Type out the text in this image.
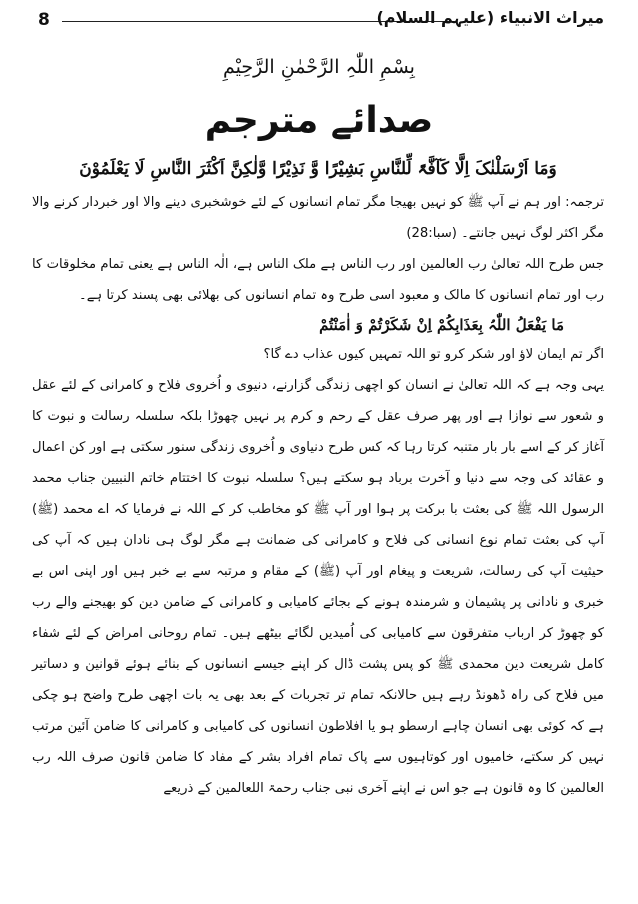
8	میراث الانبیاء (علیہم السلام)
بِسْمِ اللّٰہِ الرَّحْمٰنِ الرَّحِیْمِ
صدائے مترجم
وَمَا اَرْسَلْنٰکَ اِلَّا کَآفَّۃً لِّلنَّاسِ بَشِیْرًا وَّ نَذِیْرًا وَّلٰکِنَّ اَکْثَرَ النَّاسِ لَا یَعْلَمُوْنَ

ترجمہ: اور ہم نے آپ ﷺ کو نہیں بھیجا مگر تمام انسانوں کے لئے خوشخبری دینے والا اور خبردار کرنے والا مگر اکثر لوگ نہیں جانتے۔ (سبا:28)

جس طرح اللہ تعالیٰ رب العالمین اور رب الناس ہے ملک الناس ہے، الٰہ الناس ہے یعنی تمام مخلوقات کا رب اور تمام انسانوں کا مالک و معبود اسی طرح وہ تمام انسانوں کی بھلائی بھی پسند کرتا ہے۔

مَا یَفْعَلُ اللّٰہُ بِعَذَابِکُمْ اِنْ شَکَرْتُمْ وَ اٰمَنْتُمْ

اگر تم ایمان لاؤ اور شکر کرو تو اللہ تمہیں کیوں عذاب دے گا؟

یہی وجہ ہے کہ اللہ تعالیٰ نے انسان کو اچھی زندگی گزارنے، دنیوی و اُخروی فلاح و کامرانی کے لئے عقل و شعور سے نوازا ہے اور پھر صرف عقل کے رحم و کرم پر نہیں چھوڑا بلکہ سلسلہ رسالت و نبوت کا آغاز کر کے اسے بار بار متنبہ کرتا رہا کہ کس طرح دنیاوی و اُخروی زندگی سنور سکتی ہے اور کن اعمال و عقائد کی وجہ سے دنیا و آخرت برباد ہو سکتے ہیں؟ سلسلہ نبوت کا اختتام خاتم النبیین جناب محمد الرسول اللہ ﷺ کی بعثت با برکت پر ہوا اور آپ ﷺ کو مخاطب کر کے اللہ نے فرمایا کہ اے محمد (ﷺ) آپ کی بعثت تمام نوع انسانی کی فلاح و کامرانی کی ضمانت ہے مگر لوگ ہی نادان ہیں کہ آپ کی حیثیت آپ کی رسالت، شریعت و پیغام اور آپ (ﷺ) کے مقام و مرتبہ سے بے خبر ہیں اور اپنی اس بے خبری و نادانی پر پشیمان و شرمندہ ہونے کے بجائے کامیابی و کامرانی کے ضامن دین کو بھیجنے والے رب کو چھوڑ کر ارباب متفرقون سے کامیابی کی اُمیدیں لگائے بیٹھے ہیں۔ تمام روحانی امراض کے لئے شفاء کامل شریعت دین محمدی ﷺ کو پس پشت ڈال کر اپنے جیسے انسانوں کے بنائے ہوئے قوانین و دساتیر میں فلاح کی راہ ڈھونڈ رہے ہیں حالانکہ تمام تر تجربات کے بعد بھی یہ بات اچھی طرح واضح ہو چکی ہے کہ کوئی بھی انسان چاہے ارسطو ہو یا افلاطون انسانوں کی کامیابی و کامرانی کا ضامن آئین مرتب نہیں کر سکتے، خامیوں اور کوتاہیوں سے پاک تمام افراد بشر کے مفاد کا ضامن قانون صرف اللہ رب العالمین کا وہ قانون ہے جو اس نے اپنے آخری نبی جناب رحمۃ اللعالمین کے ذریعے
